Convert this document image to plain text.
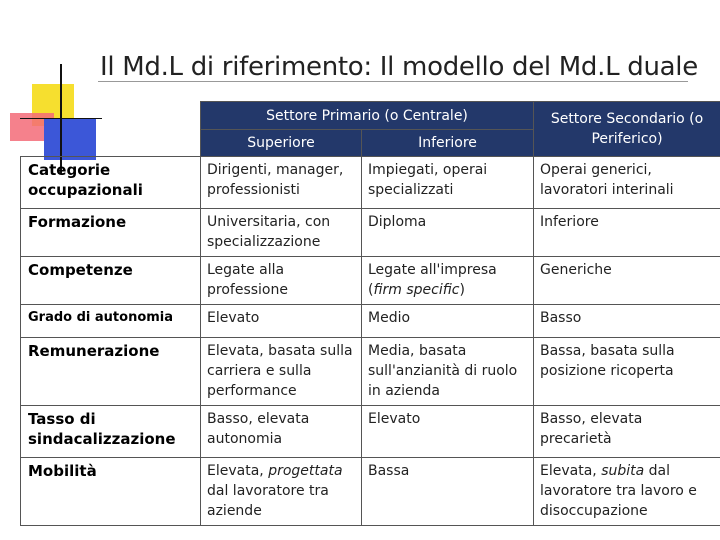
Il Md.L di riferimento: Il modello del Md.L duale
	Settore Primario (o Centrale)		Settore Secondario (o Periferico)
	Superiore	Inferiore	
Categorie occupazionali	Dirigenti, manager, professionisti	Impiegati, operai specializzati	Operai generici, lavoratori interinali
Formazione	Universitaria, con specializzazione	Diploma	Inferiore
Competenze	Legate alla professione	Legate all'impresa (firm specific)	Generiche
Grado di autonomia	Elevato	Medio	Basso
Remunerazione	Elevata, basata sulla carriera e sulla performance	Media, basata sull'anzianità di ruolo in azienda	Bassa, basata sulla posizione ricoperta
Tasso di sindacalizzazione	Basso, elevata autonomia	Elevato	Basso, elevata precarietà
Mobilità	Elevata, progettata dal lavoratore tra aziende	Bassa	Elevata, subita dal lavoratore tra lavoro e disoccupazione
